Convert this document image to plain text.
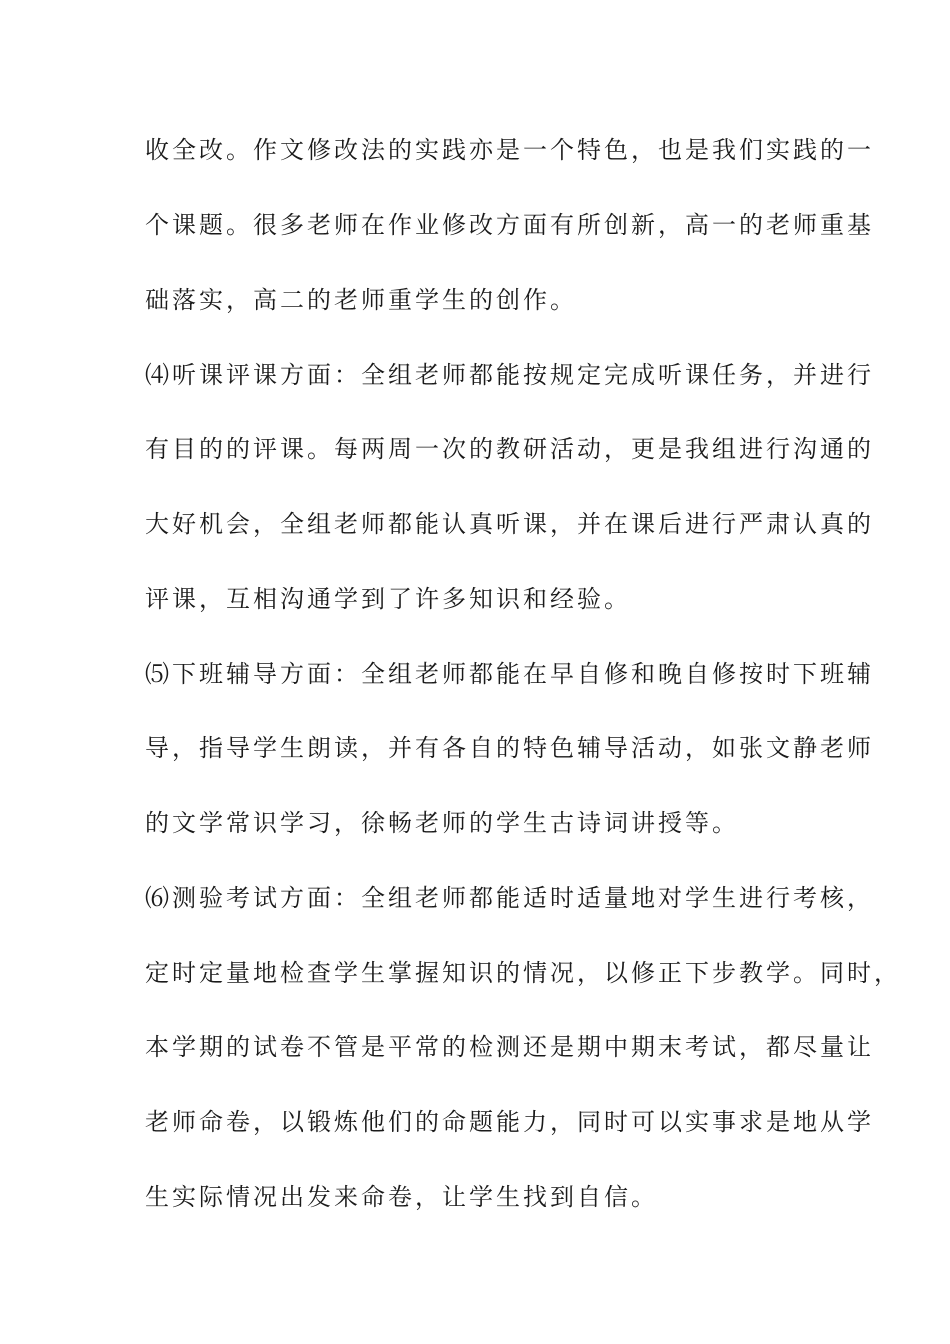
收全改。作文修改法的实践亦是一个特色，也是我们实践的一
个课题。很多老师在作业修改方面有所创新，高一的老师重基
础落实，高二的老师重学生的创作。
⑷听课评课方面：全组老师都能按规定完成听课任务，并进行
有目的的评课。每两周一次的教研活动，更是我组进行沟通的
大好机会，全组老师都能认真听课，并在课后进行严肃认真的
评课，互相沟通学到了许多知识和经验。
⑸下班辅导方面：全组老师都能在早自修和晚自修按时下班辅
导，指导学生朗读，并有各自的特色辅导活动，如张文静老师
的文学常识学习，徐畅老师的学生古诗词讲授等。
⑹测验考试方面：全组老师都能适时适量地对学生进行考核，
定时定量地检查学生掌握知识的情况，以修正下步教学。同时，
本学期的试卷不管是平常的检测还是期中期末考试，都尽量让
老师命卷，以锻炼他们的命题能力，同时可以实事求是地从学
生实际情况出发来命卷，让学生找到自信。
